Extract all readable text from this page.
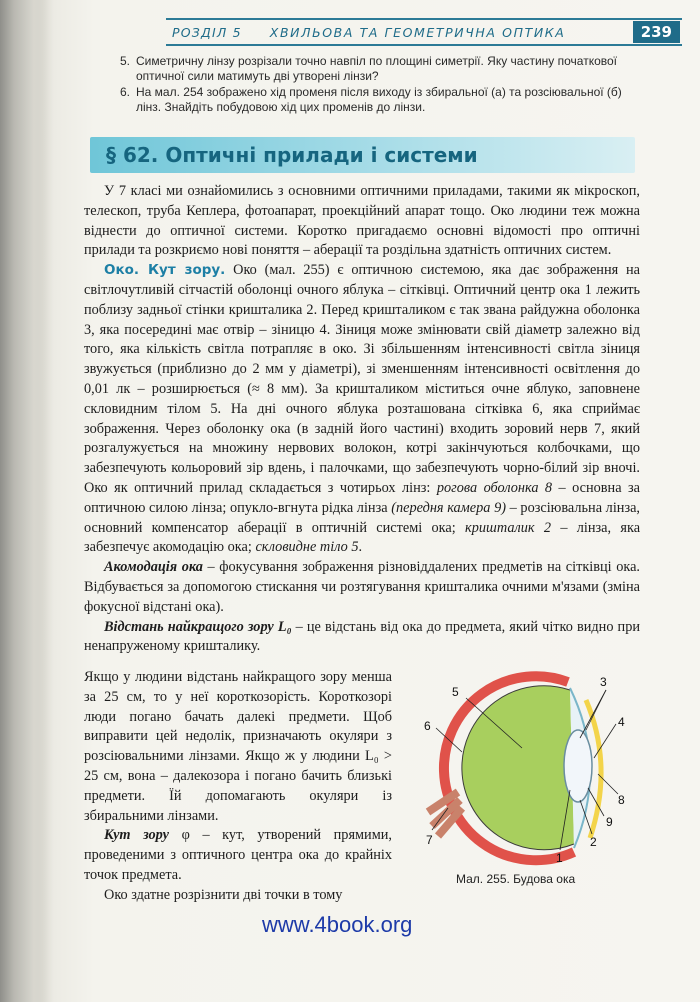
РОЗДІЛ 5 ХВИЛЬОВА ТА ГЕОМЕТРИЧНА ОПТИКА	239
5. Симетричну лінзу розрізали точно навпіл по площині симетрії. Яку частину початкової оптичної сили матимуть дві утворені лінзи?
6. На мал. 254 зображено хід променя після виходу із збиральної (а) та розсіювальної (б) лінз. Знайдіть побудовою хід цих променів до лінзи.
§ 62. Оптичні прилади і системи

У 7 класі ми ознайомились з основними оптичними приладами, такими як мікроскоп, телескоп, труба Кеплера, фотоапарат, проекційний апарат тощо. Око людини теж можна віднести до оптичної системи. Коротко пригадаємо основні відомості про оптичні прилади та розкриємо нові поняття – аберації та роздільна здатність оптичних систем.

Око. Кут зору. Око (мал. 255) є оптичною системою, яка дає зображення на світлочутливій сітчастій оболонці очного яблука – сітківці. Оптичний центр ока 1 лежить поблизу задньої стінки кришталика 2. Перед кришталиком є так звана райдужна оболонка 3, яка посередині має отвір – зіницю 4. Зіниця може змінювати свій діаметр залежно від того, яка кількість світла потрапляє в око. Зі збільшенням інтенсивності світла зіниця звужується (приблизно до 2 мм у діаметрі), зі зменшенням інтенсивності освітлення до 0,01 лк – розширюється (≈ 8 мм). За кришталиком міститься очне яблуко, заповнене скловидним тілом 5. На дні очного яблука розташована сітківка 6, яка сприймає зображення. Через оболонку ока (в задній його частині) входить зоровий нерв 7, який розгалужується на множину нервових волокон, котрі закінчуються колбочками, що забезпечують кольоровий зір вдень, і палочками, що забезпечують чорно-білий зір вночі. Око як оптичний прилад складається з чотирьох лінз: рогова оболонка 8 – основна за оптичною силою лінза; опукло-вгнута рідка лінза (передня камера 9) – розсіювальна лінза, основний компенсатор аберації в оптичній системі ока; кришталик 2 – лінза, яка забезпечує акомодацію ока; скловидне тіло 5.

Акомодація ока – фокусування зображення різновіддалених предметів на сітківці ока. Відбувається за допомогою стискання чи розтягування кришталика очними м'язами (зміна фокусної відстані ока).

Відстань найкращого зору L₀ – це відстань від ока до предмета, який чітко видно при ненапруженому кришталику.

Якщо у людини відстань найкращого зору менша за 25 см, то у неї короткозорість. Короткозорі люди погано бачать далекі предмети. Щоб виправити цей недолік, призначають окуляри з розсіювальними лінзами. Якщо ж у людини L₀ > 25 см, вона – далекозора і погано бачить близькі предмети. Їй допомагають окуляри із збиральними лінзами.

Кут зору φ – кут, утворений прямими, проведеними з оптичного центра ока до крайніх точок предмета.

Око здатне розрізнити дві точки в тому

1
2
3
4
5
6
7
8
9
Мал. 255. Будова ока
www.4book.org
